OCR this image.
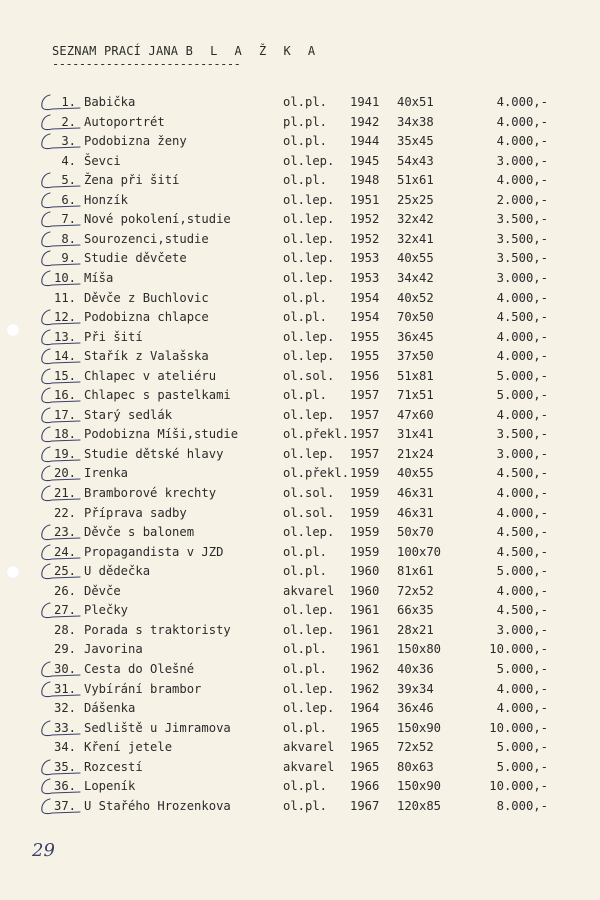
SEZNAM PRACÍ JANA B L A Ž K A
----------------------------
1. Babička	ol.pl. 1941 40x51	4.000,-
2. Autoportrét	pl.pl. 1942 34x38	4.000,-
3. Podobizna ženy	ol.pl. 1944 35x45	4.000,-
4. Ševci	ol.lep. 1945 54x43	3.000,-
5. Žena při šití	ol.pl. 1948 51x61	4.000,-
6. Honzík	ol.lep. 1951 25x25	2.000,-
7. Nové pokolení,studie	ol.lep. 1952 32x42	3.500,-
8. Sourozenci,studie	ol.lep. 1952 32x41	3.500,-
9. Studie děvčete	ol.lep. 1953 40x55	3.500,-
10. Míša	ol.lep. 1953 34x42	3.000,-
11. Děvče z Buchlovic	ol.pl. 1954 40x52	4.000,-
12. Podobizna chlapce	ol.pl. 1954 70x50	4.500,-
13. Při šití	ol.lep. 1955 36x45	4.000,-
14. Stařík z Valašska	ol.lep. 1955 37x50	4.000,-
15. Chlapec v ateliéru	ol.sol. 1956 51x81	5.000,-
16. Chlapec s pastelkami	ol.pl. 1957 71x51	5.000,-
17. Starý sedlák	ol.lep. 1957 47x60	4.000,-
18. Podobizna Míši,studie	ol.překl. 1957 31x41	3.500,-
19. Studie dětské hlavy	ol.lep. 1957 21x24	3.000,-
20. Irenka	ol.překl. 1959 40x55	4.500,-
21. Bramborové krechty	ol.sol. 1959 46x31	4.000,-
22. Příprava sadby	ol.sol. 1959 46x31	4.000,-
23. Děvče s balonem	ol.lep. 1959 50x70	4.500,-
24. Propagandista v JZD	ol.pl. 1959 100x70	4.500,-
25. U dědečka	ol.pl. 1960 81x61	5.000,-
26. Děvče	akvarel 1960 72x52	4.000,-
27. Plečky	ol.lep. 1961 66x35	4.500,-
28. Porada s traktoristy	ol.lep. 1961 28x21	3.000,-
29. Javorina	ol.pl. 1961 150x80	10.000,-
30. Cesta do Olešné	ol.pl. 1962 40x36	5.000,-
31. Vybírání brambor	ol.lep. 1962 39x34	4.000,-
32. Dášenka	ol.lep. 1964 36x46	4.000,-
33. Sedliště u Jimramova	ol.pl. 1965 150x90	10.000,-
34. Kření jetele	akvarel 1965 72x52	5.000,-
35. Rozcestí	akvarel 1965 80x63	5.000,-
36. Lopeník	ol.pl. 1966 150x90	10.000,-
37. U Stařého Hrozenkova	ol.pl. 1967 120x85	8.000,-
29
